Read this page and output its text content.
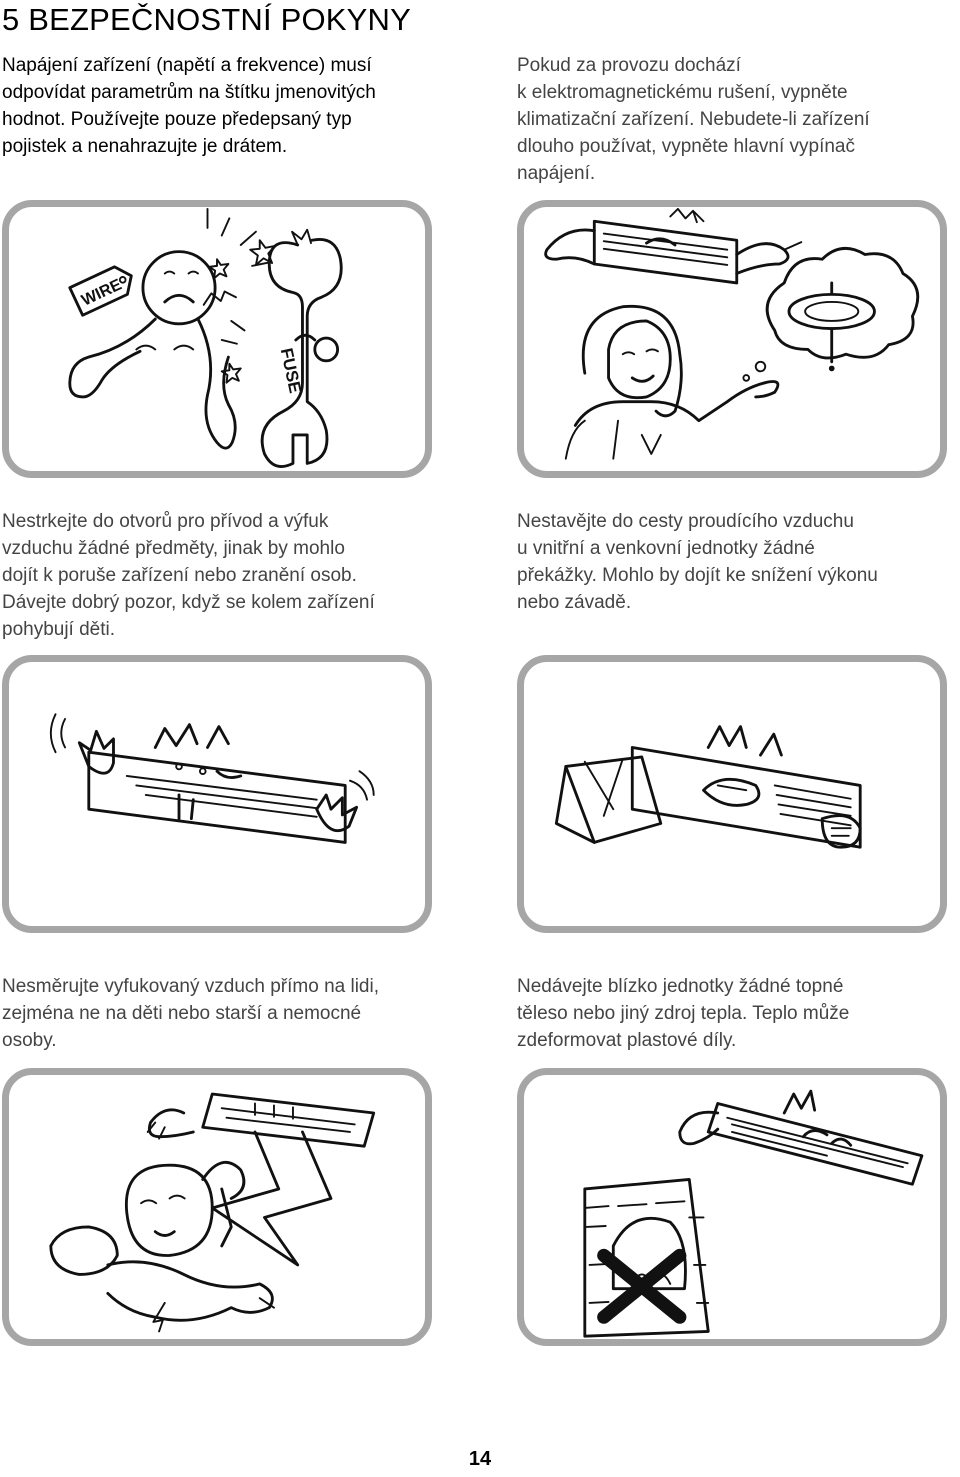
5 BEZPEČNOSTNÍ POKYNY

Napájení zařízení (napětí a frekvence) musí
odpovídat parametrům na štítku jmenovitých
hodnot. Používejte pouze předepsaný typ
pojistek a nenahrazujte je drátem.

Pokud za provozu dochází
k elektromagnetickému rušení, vypněte
klimatizační zařízení. Nebudete-li zařízení
dlouho používat, vypněte hlavní vypínač
napájení.

WIRE
FUSE

Nestrkejte do otvorů pro přívod a výfuk
vzduchu žádné předměty, jinak by mohlo
dojít k poruše zařízení nebo zranění osob.
Dávejte dobrý pozor, když se kolem zařízení
pohybují děti.

Nestavějte do cesty proudícího vzduchu
u vnitřní a venkovní jednotky žádné
překážky. Mohlo by dojít ke snížení výkonu
nebo závadě.

Nesměrujte vyfukovaný vzduch přímo na lidi,
zejména ne na děti nebo starší a nemocné
osoby.

Nedávejte blízko jednotky žádné topné
těleso nebo jiný zdroj tepla. Teplo může
zdeformovat plastové díly.

14
